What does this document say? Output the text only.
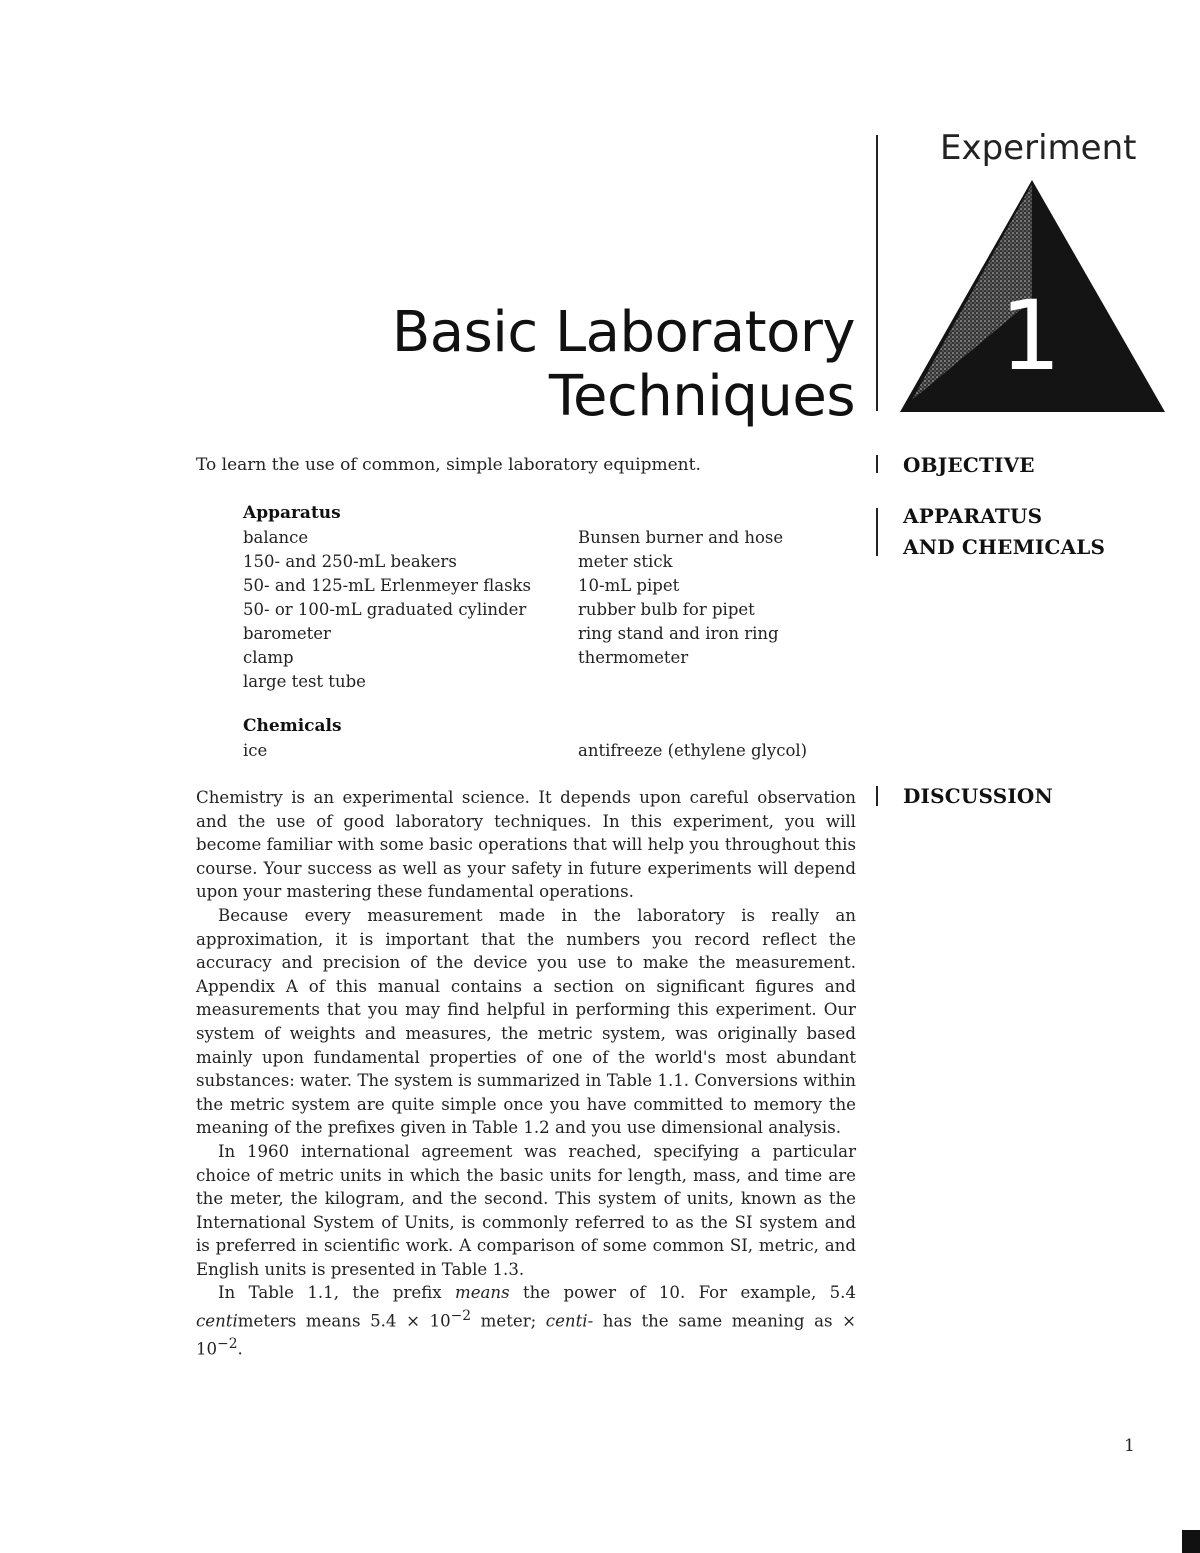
Experiment
Basic Laboratory
Techniques
1
OBJECTIVE
APPARATUS
AND CHEMICALS
DISCUSSION
To learn the use of common, simple laboratory equipment.
Apparatus
balance
150- and 250-mL beakers
50- and 125-mL Erlenmeyer flasks
50- or 100-mL graduated cylinder
barometer
clamp
large test tube
Bunsen burner and hose
meter stick
10-mL pipet
rubber bulb for pipet
ring stand and iron ring
thermometer
Chemicals
ice	antifreeze (ethylene glycol)

Chemistry is an experimental science. It depends upon careful observation and the use of good laboratory techniques. In this experiment, you will become familiar with some basic operations that will help you throughout this course. Your success as well as your safety in future experiments will depend upon your mastering these fundamental operations.

Because every measurement made in the laboratory is really an approximation, it is important that the numbers you record reflect the accuracy and precision of the device you use to make the measurement. Appendix A of this manual contains a section on significant figures and measurements that you may find helpful in performing this experiment. Our system of weights and measures, the metric system, was originally based mainly upon fundamental properties of one of the world's most abundant substances: water. The system is summarized in Table 1.1. Conversions within the metric system are quite simple once you have committed to memory the meaning of the prefixes given in Table 1.2 and you use dimensional analysis.

In 1960 international agreement was reached, specifying a particular choice of metric units in which the basic units for length, mass, and time are the meter, the kilogram, and the second. This system of units, known as the International System of Units, is commonly referred to as the SI system and is preferred in scientific work. A comparison of some common SI, metric, and English units is presented in Table 1.3.

In Table 1.1, the prefix means the power of 10. For example, 5.4 centimeters means $5.4 \times 10^{-2}$ meter; centi- has the same meaning as × $10^{-2}$.

1
